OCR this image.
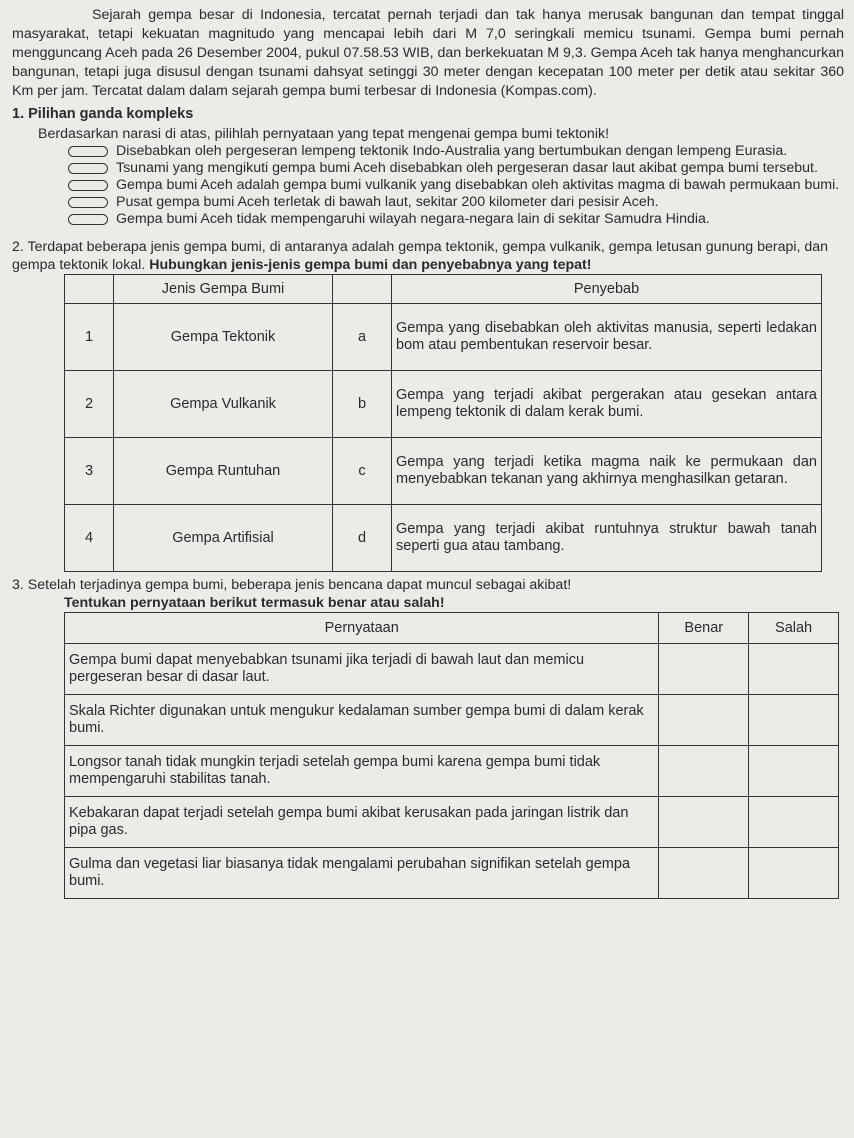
Sejarah gempa besar di Indonesia, tercatat pernah terjadi dan tak hanya merusak bangunan dan tempat tinggal masyarakat, tetapi kekuatan magnitudo yang mencapai lebih dari M 7,0 seringkali memicu tsunami. Gempa bumi pernah mengguncang Aceh pada 26 Desember 2004, pukul 07.58.53 WIB, dan berkekuatan M 9,3. Gempa Aceh tak hanya menghancurkan bangunan, tetapi juga disusul dengan tsunami dahsyat setinggi 30 meter dengan kecepatan 100 meter per detik atau sekitar 360 Km per jam. Tercatat dalam dalam sejarah gempa bumi terbesar di Indonesia (Kompas.com).

1. Pilihan ganda kompleks
Berdasarkan narasi di atas, pilihlah pernyataan yang tepat mengenai gempa bumi tektonik!
Disebabkan oleh pergeseran lempeng tektonik Indo-Australia yang bertumbukan dengan lempeng Eurasia.
Tsunami yang mengikuti gempa bumi Aceh disebabkan oleh pergeseran dasar laut akibat gempa bumi tersebut.
Gempa bumi Aceh adalah gempa bumi vulkanik yang disebabkan oleh aktivitas magma di bawah permukaan bumi.
Pusat gempa bumi Aceh terletak di bawah laut, sekitar 200 kilometer dari pesisir Aceh.
Gempa bumi Aceh tidak mempengaruhi wilayah negara-negara lain di sekitar Samudra Hindia.
2. Terdapat beberapa jenis gempa bumi, di antaranya adalah gempa tektonik, gempa vulkanik, gempa letusan gunung berapi, dan gempa tektonik lokal. Hubungkan jenis-jenis gempa bumi dan penyebabnya yang tepat!
	Jenis Gempa Bumi		Penyebab
1	Gempa Tektonik	a	Gempa yang disebabkan oleh aktivitas manusia, seperti ledakan bom atau pembentukan reservoir besar.
2	Gempa Vulkanik	b	Gempa yang terjadi akibat pergerakan atau gesekan antara lempeng tektonik di dalam kerak bumi.
3	Gempa Runtuhan	c	Gempa yang terjadi ketika magma naik ke permukaan dan menyebabkan tekanan yang akhirnya menghasilkan getaran.
4	Gempa Artifisial	d	Gempa yang terjadi akibat runtuhnya struktur bawah tanah seperti gua atau tambang.
3. Setelah terjadinya gempa bumi, beberapa jenis bencana dapat muncul sebagai akibat!
Tentukan pernyataan berikut termasuk benar atau salah!
Pernyataan	Benar	Salah
Gempa bumi dapat menyebabkan tsunami jika terjadi di bawah laut dan memicu pergeseran besar di dasar laut.		
Skala Richter digunakan untuk mengukur kedalaman sumber gempa bumi di dalam kerak bumi.		
Longsor tanah tidak mungkin terjadi setelah gempa bumi karena gempa bumi tidak mempengaruhi stabilitas tanah.		
Kebakaran dapat terjadi setelah gempa bumi akibat kerusakan pada jaringan listrik dan pipa gas.		
Gulma dan vegetasi liar biasanya tidak mengalami perubahan signifikan setelah gempa bumi.		
